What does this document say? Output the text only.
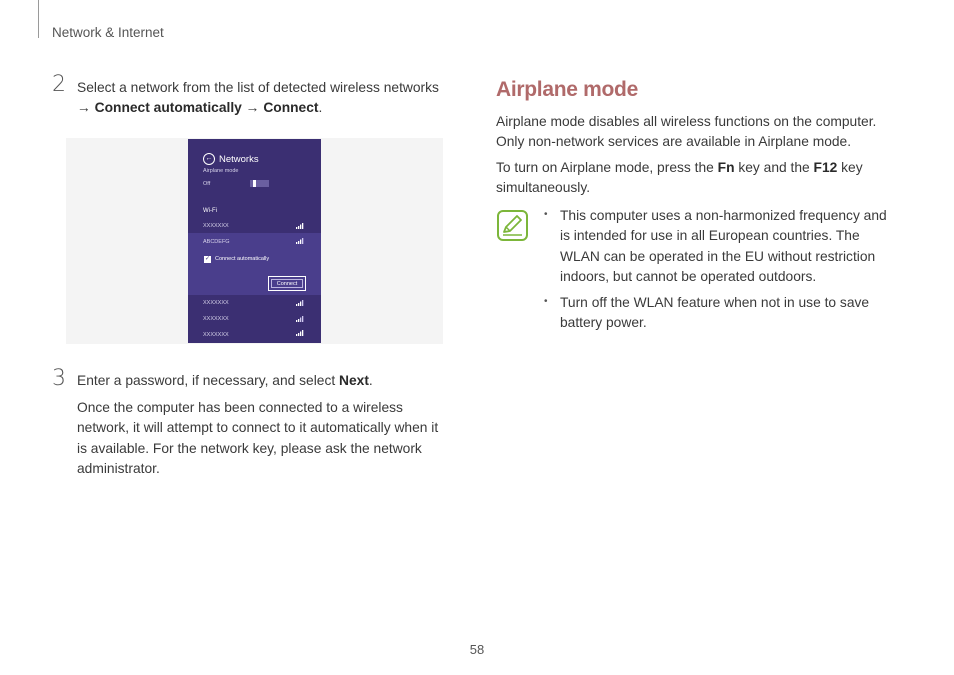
Network & Internet
2 Select a network from the list of detected wireless networks
→ Connect automatically → Connect.
← Networks
Airplane mode
Off
Wi-Fi
XXXXXXX
ABCDEFG
✓ Connect automatically
Connect
XXXXXXX
XXXXXXX
XXXXXXX
3 Enter a password, if necessary, and select Next.
Once the computer has been connected to a wireless network, it will attempt to connect to it automatically when it is available. For the network key, please ask the network administrator.
Airplane mode
Airplane mode disables all wireless functions on the computer. Only non-network services are available in Airplane mode.
To turn on Airplane mode, press the Fn key and the F12 key simultaneously.
• This computer uses a non-harmonized frequency and is intended for use in all European countries. The WLAN can be operated in the EU without restriction indoors, but cannot be operated outdoors.
• Turn off the WLAN feature when not in use to save battery power.
58
